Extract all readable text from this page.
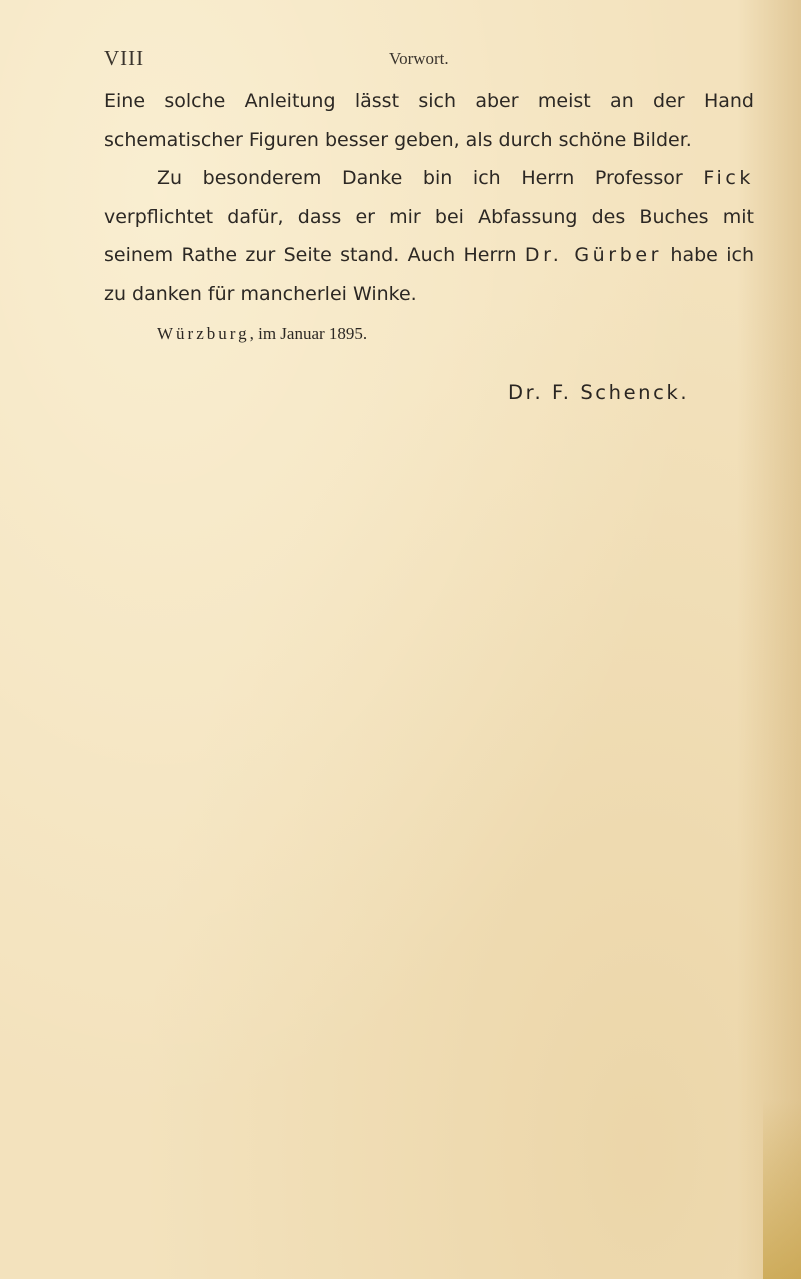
VIII	Vorwort.

Eine solche Anleitung lässt sich aber meist an der Hand schematischer Figuren besser geben, als durch schöne Bilder.

Zu besonderem Danke bin ich Herrn Professor Fick verpflichtet dafür, dass er mir bei Abfassung des Buches mit seinem Rathe zur Seite stand. Auch Herrn Dr. Gürber habe ich zu danken für mancherlei Winke.

Würzburg, im Januar 1895.
Dr. F. Schenck.
